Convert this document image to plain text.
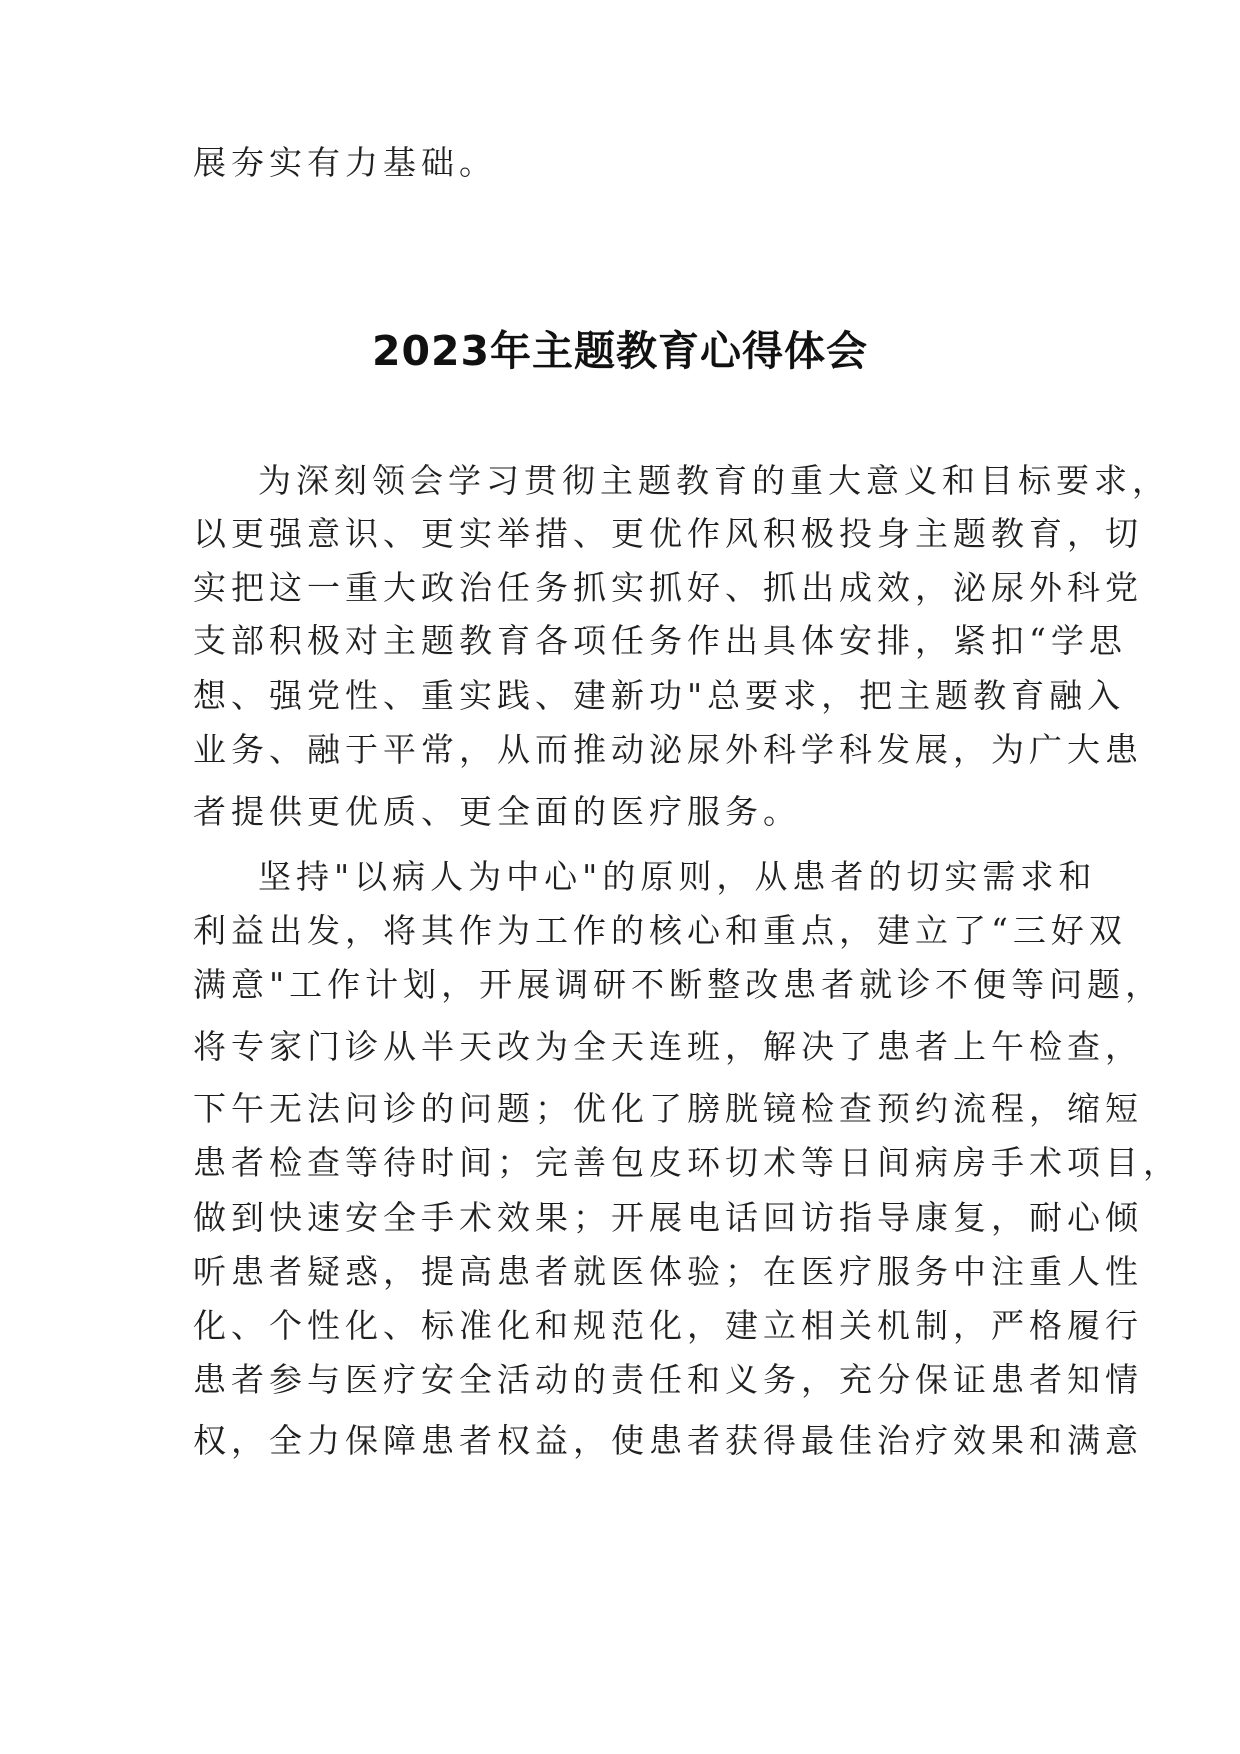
展夯实有力基础。
2023年主题教育心得体会
为深刻领会学习贯彻主题教育的重大意义和目标要求，
以更强意识、更实举措、更优作风积极投身主题教育，切
实把这一重大政治任务抓实抓好、抓出成效，泌尿外科党
支部积极对主题教育各项任务作出具体安排，紧扣“学思
想、强党性、重实践、建新功"总要求，把主题教育融入
业务、融于平常，从而推动泌尿外科学科发展，为广大患
者提供更优质、更全面的医疗服务。
坚持"以病人为中心"的原则，从患者的切实需求和
利益出发，将其作为工作的核心和重点，建立了“三好双
满意"工作计划，开展调研不断整改患者就诊不便等问题，
将专家门诊从半天改为全天连班，解决了患者上午检查，
下午无法问诊的问题；优化了膀胱镜检查预约流程，缩短
患者检查等待时间；完善包皮环切术等日间病房手术项目，
做到快速安全手术效果；开展电话回访指导康复，耐心倾
听患者疑惑，提高患者就医体验；在医疗服务中注重人性
化、个性化、标准化和规范化，建立相关机制，严格履行
患者参与医疗安全活动的责任和义务，充分保证患者知情
权，全力保障患者权益，使患者获得最佳治疗效果和满意
